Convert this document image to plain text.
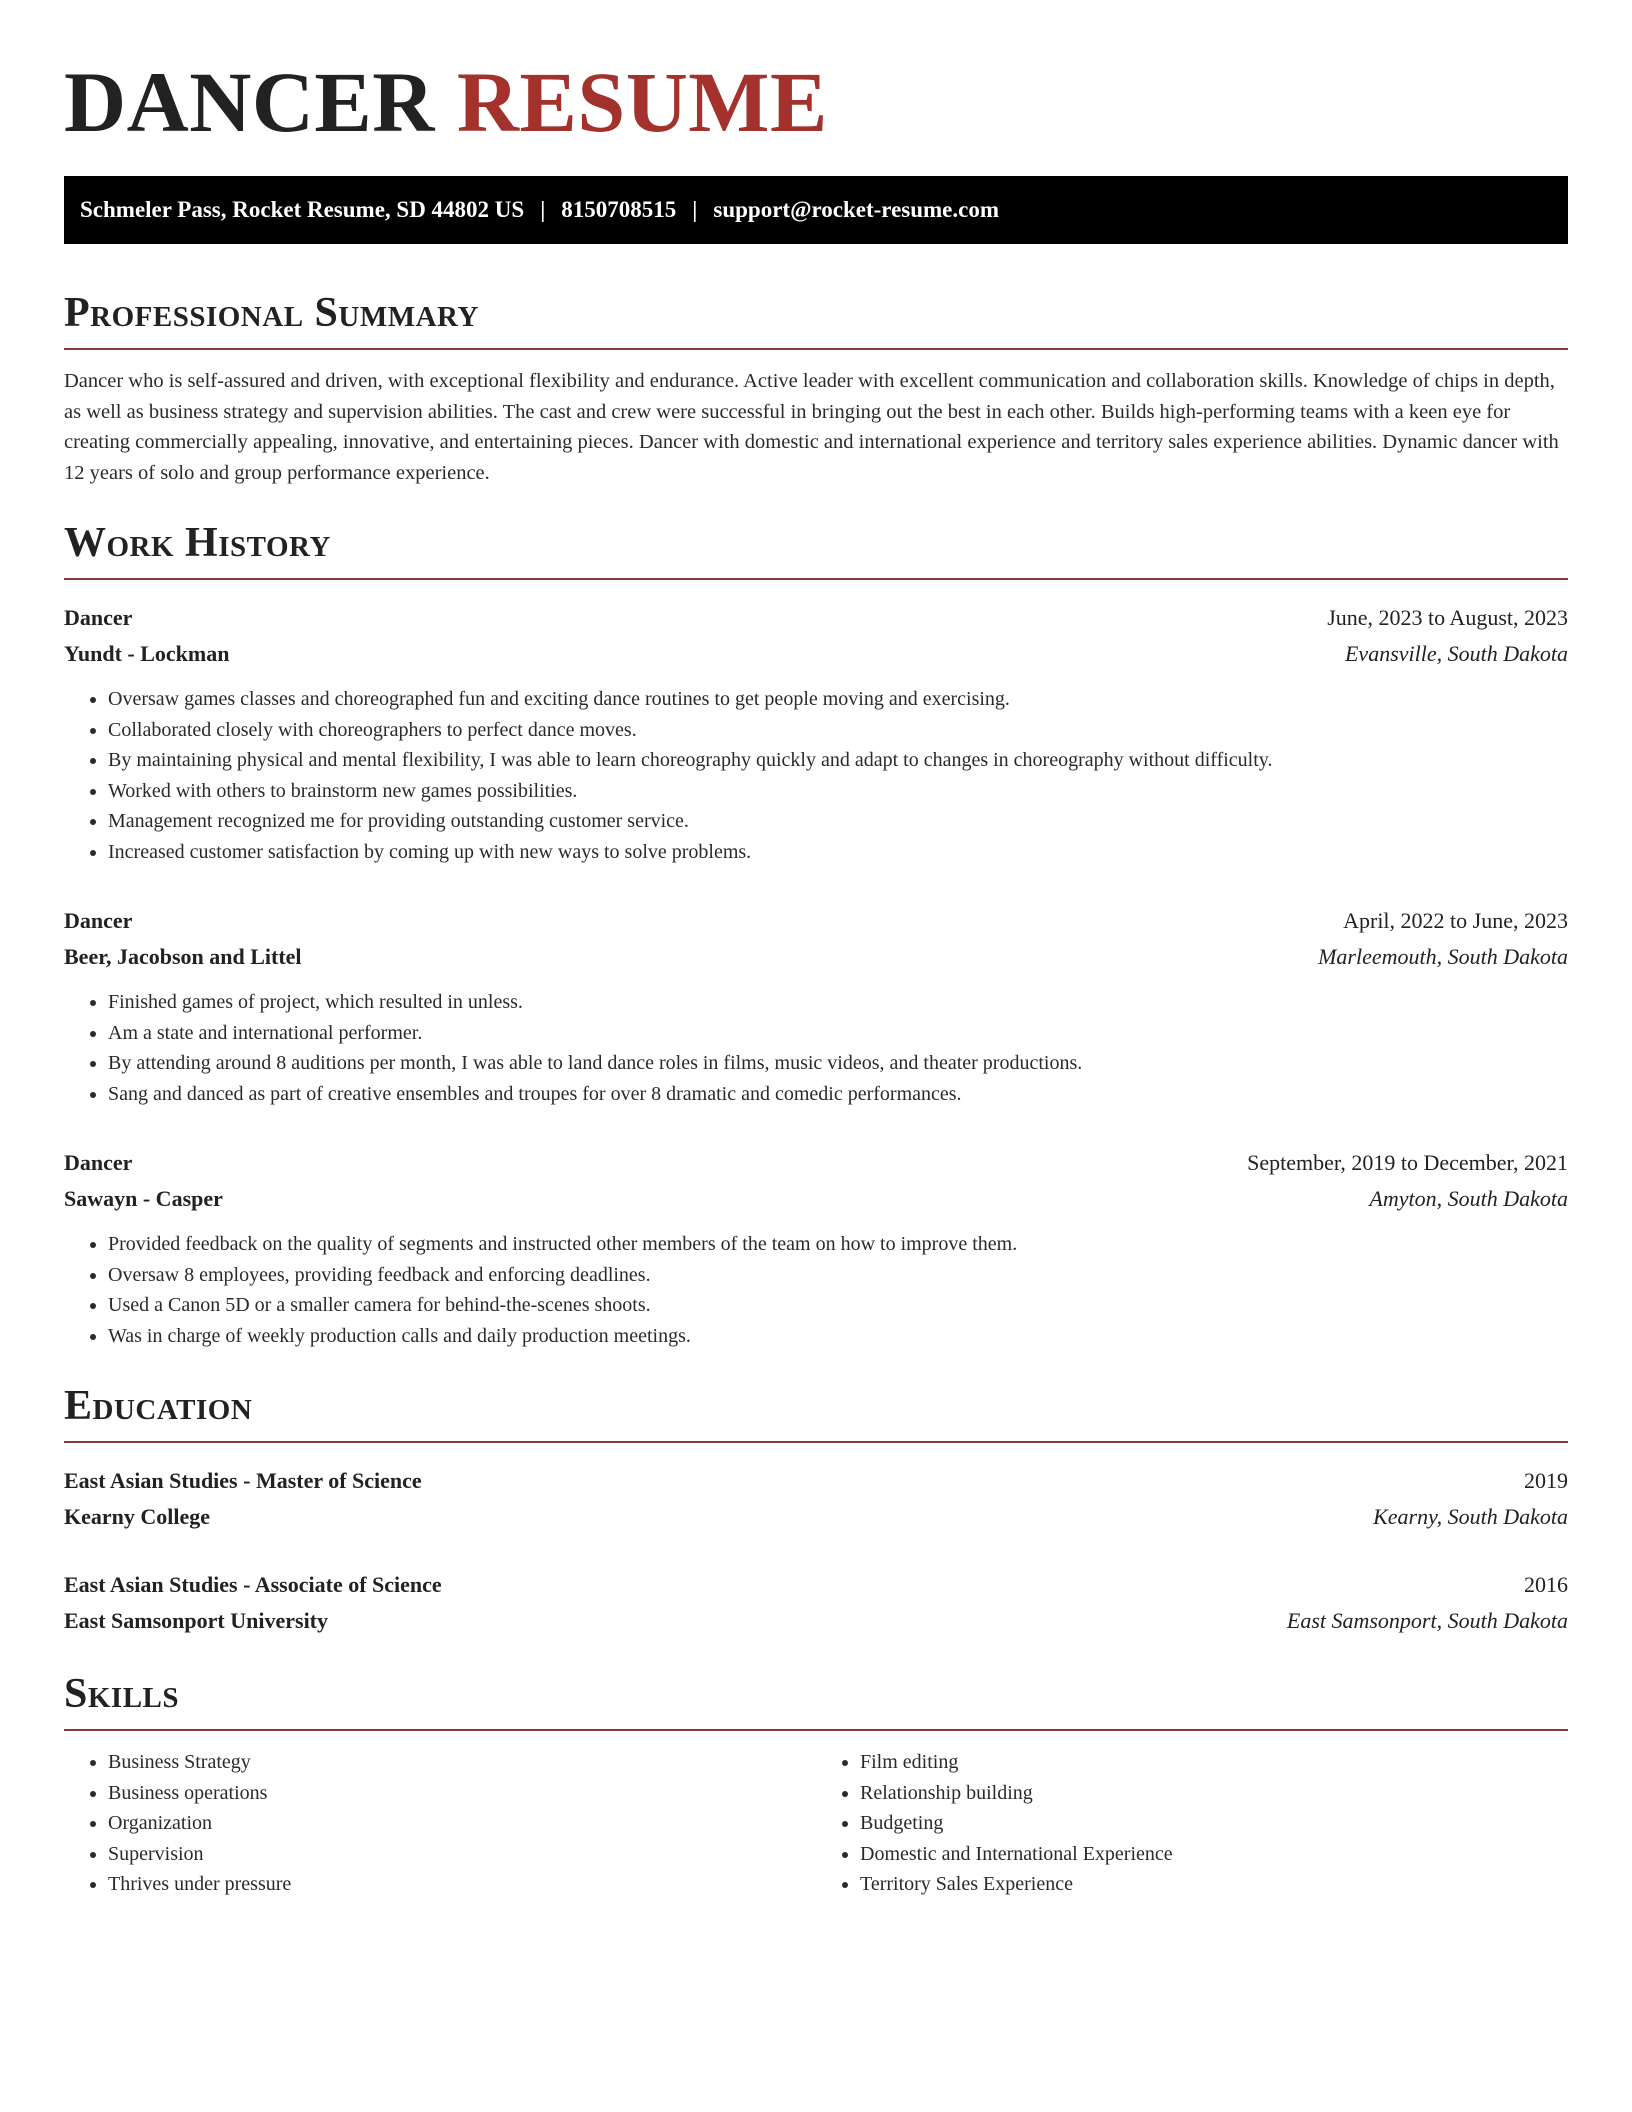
DANCER RESUME
Schmeler Pass, Rocket Resume, SD 44802 US | 8150708515 | support@rocket-resume.com
Professional Summary

Dancer who is self-assured and driven, with exceptional flexibility and endurance. Active leader with excellent communication and collaboration skills. Knowledge of chips in depth, as well as business strategy and supervision abilities. The cast and crew were successful in bringing out the best in each other. Builds high-performing teams with a keen eye for creating commercially appealing, innovative, and entertaining pieces. Dancer with domestic and international experience and territory sales experience abilities. Dynamic dancer with 12 years of solo and group performance experience.

Work History
Dancer	June, 2023 to August, 2023
Yundt - Lockman	Evansville, South Dakota
• Oversaw games classes and choreographed fun and exciting dance routines to get people moving and exercising.
• Collaborated closely with choreographers to perfect dance moves.
• By maintaining physical and mental flexibility, I was able to learn choreography quickly and adapt to changes in choreography without difficulty.
• Worked with others to brainstorm new games possibilities.
• Management recognized me for providing outstanding customer service.
• Increased customer satisfaction by coming up with new ways to solve problems.
Dancer	April, 2022 to June, 2023
Beer, Jacobson and Littel	Marleemouth, South Dakota
• Finished games of project, which resulted in unless.
• Am a state and international performer.
• By attending around 8 auditions per month, I was able to land dance roles in films, music videos, and theater productions.
• Sang and danced as part of creative ensembles and troupes for over 8 dramatic and comedic performances.
Dancer	September, 2019 to December, 2021
Sawayn - Casper	Amyton, South Dakota
• Provided feedback on the quality of segments and instructed other members of the team on how to improve them.
• Oversaw 8 employees, providing feedback and enforcing deadlines.
• Used a Canon 5D or a smaller camera for behind-the-scenes shoots.
• Was in charge of weekly production calls and daily production meetings.
Education
East Asian Studies - Master of Science	2019
Kearny College	Kearny, South Dakota
East Asian Studies - Associate of Science	2016
East Samsonport University	East Samsonport, South Dakota
Skills
• Business Strategy
• Business operations
• Organization
• Supervision
• Thrives under pressure
• Film editing
• Relationship building
• Budgeting
• Domestic and International Experience
• Territory Sales Experience
